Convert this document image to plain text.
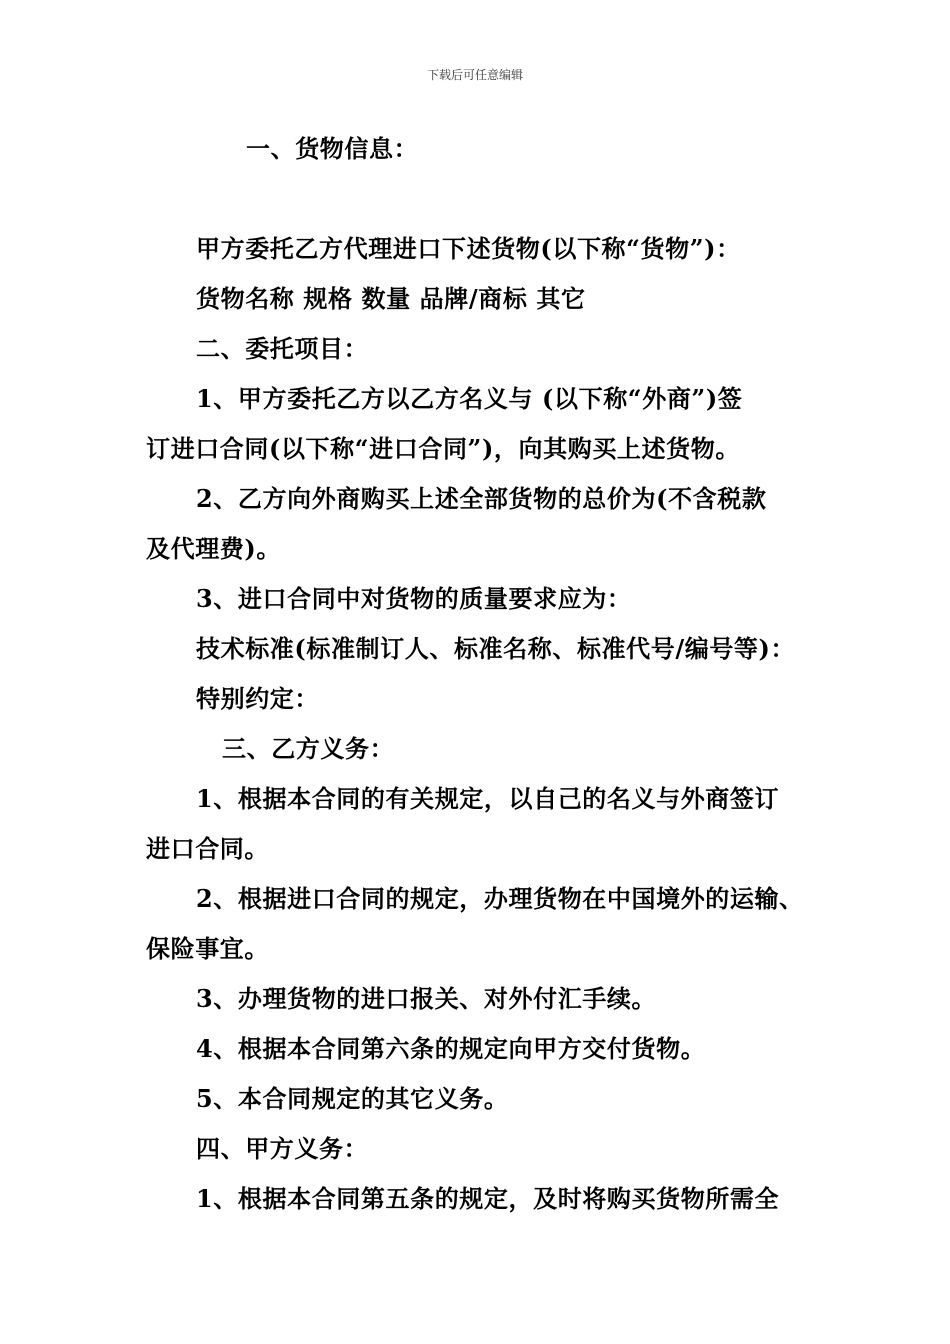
下载后可任意编辑
一、货物信息：
甲方委托乙方代理进口下述货物(以下称“货物”)：
货物名称 规格 数量 品牌/商标 其它
二、委托项目：
1、甲方委托乙方以乙方名义与 (以下称“外商”)签
订进口合同(以下称“进口合同”)，向其购买上述货物。
2、乙方向外商购买上述全部货物的总价为(不含税款
及代理费)。
3、进口合同中对货物的质量要求应为：
技术标准(标准制订人、标准名称、标准代号/编号等)：
特别约定：
三、乙方义务：
1、根据本合同的有关规定，以自己的名义与外商签订
进口合同。
2、根据进口合同的规定，办理货物在中国境外的运输、
保险事宜。
3、办理货物的进口报关、对外付汇手续。
4、根据本合同第六条的规定向甲方交付货物。
5、本合同规定的其它义务。
四、甲方义务：
1、根据本合同第五条的规定，及时将购买货物所需全
